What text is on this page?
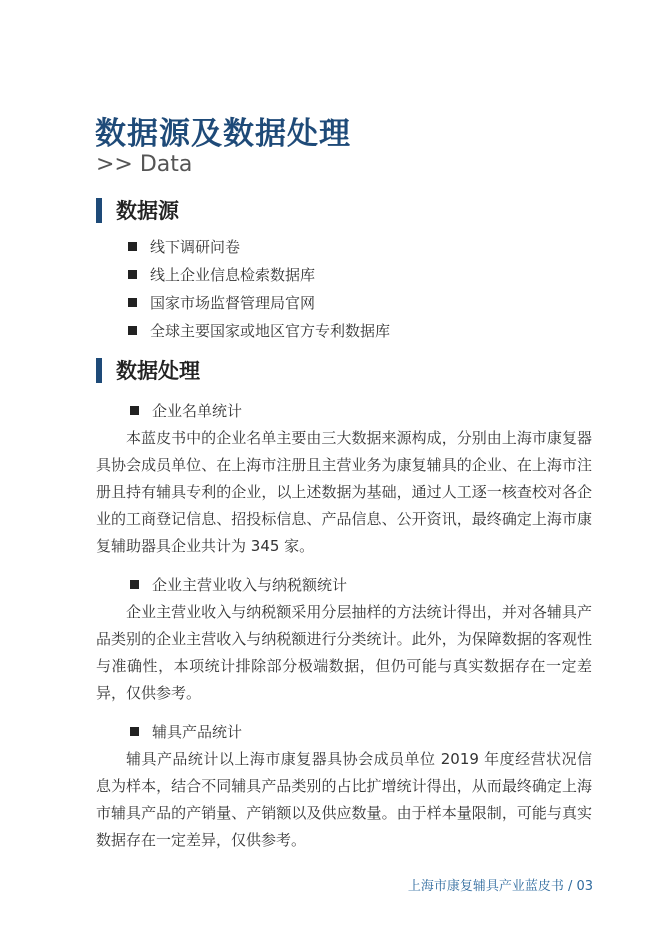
数据源及数据处理
>> Data
数据源
线下调研问卷
线上企业信息检索数据库
国家市场监督管理局官网
全球主要国家或地区官方专利数据库
数据处理
企业名单统计

本蓝皮书中的企业名单主要由三大数据来源构成，分别由上海市康复器具协会成员单位、在上海市注册且主营业务为康复辅具的企业、在上海市注册且持有辅具专利的企业，以上述数据为基础，通过人工逐一核查校对各企业的工商登记信息、招投标信息、产品信息、公开资讯，最终确定上海市康复辅助器具企业共计为 345 家。

企业主营业收入与纳税额统计

企业主营业收入与纳税额采用分层抽样的方法统计得出，并对各辅具产品类别的企业主营收入与纳税额进行分类统计。此外，为保障数据的客观性与准确性，本项统计排除部分极端数据，但仍可能与真实数据存在一定差异，仅供参考。

辅具产品统计

辅具产品统计以上海市康复器具协会成员单位 2019 年度经营状况信息为样本，结合不同辅具产品类别的占比扩增统计得出，从而最终确定上海市辅具产品的产销量、产销额以及供应数量。由于样本量限制，可能与真实数据存在一定差异，仅供参考。

上海市康复辅具产业蓝皮书 / 03
